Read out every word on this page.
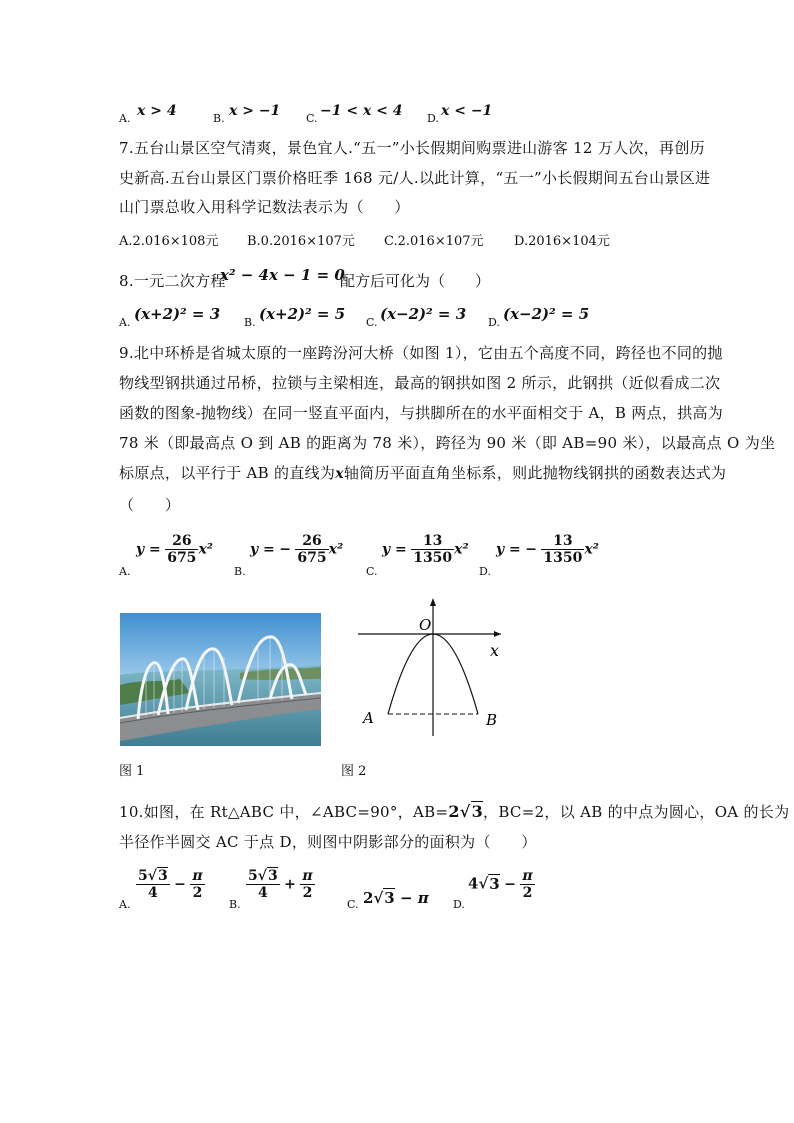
A. x > 4	B. x > −1 C. −1 < x < 4 D. x < −1
7.五台山景区空气清爽，景色宜人.“五一”小长假期间购票进山游客 12 万人次，再创历
史新高.五台山景区门票价格旺季 168 元/人.以此计算，“五一”小长假期间五台山景区进
山门票总收入用科学记数法表示为（　　）
A.2.016×108元 B.0.2016×107元 C.2.016×107元 D.2016×104元
8.一元二次方程
x² − 4x − 1 = 0
配方后可化为（　　）
A. (x+2)² = 3 B. (x+2)² = 5 C. (x−2)² = 3 D. (x−2)² = 5
9.北中环桥是省城太原的一座跨汾河大桥（如图 1），它由五个高度不同，跨径也不同的抛
物线型钢拱通过吊桥，拉锁与主梁相连，最高的钢拱如图 2 所示，此钢拱（近似看成二次
函数的图象-抛物线）在同一竖直平面内，与拱脚所在的水平面相交于 A，B 两点，拱高为
78 米（即最高点 O 到 AB 的距离为 78 米），跨径为 90 米（即 AB=90 米），以最高点 O 为坐
标原点，以平行于 AB 的直线为x轴简历平面直角坐标系，则此抛物线钢拱的函数表达式为
（　　）
A.
$y = \frac{26}{675} x^2$
B.
y = − $\frac{26}{675} x^2$
C.
$y = \frac{13}{1350} x^2$
D.
y = − $\frac{13}{1350} x^2$
O
x
A	B
图 1	图 2
10.如图，在 Rt△ABC 中，∠ABC=90°，AB=2√3，BC=2，以 AB 的中点为圆心，OA 的长为
半径作半圆交 AC 于点 D，则图中阴影部分的面积为（　　）
A.
$\frac{5√3}{4} - \frac{\pi}{2}$
B.
$\frac{5√3}{4} + \frac{\pi}{2}$
C. 2√3 − π D.
$4√3 - \frac{\pi}{2}$
